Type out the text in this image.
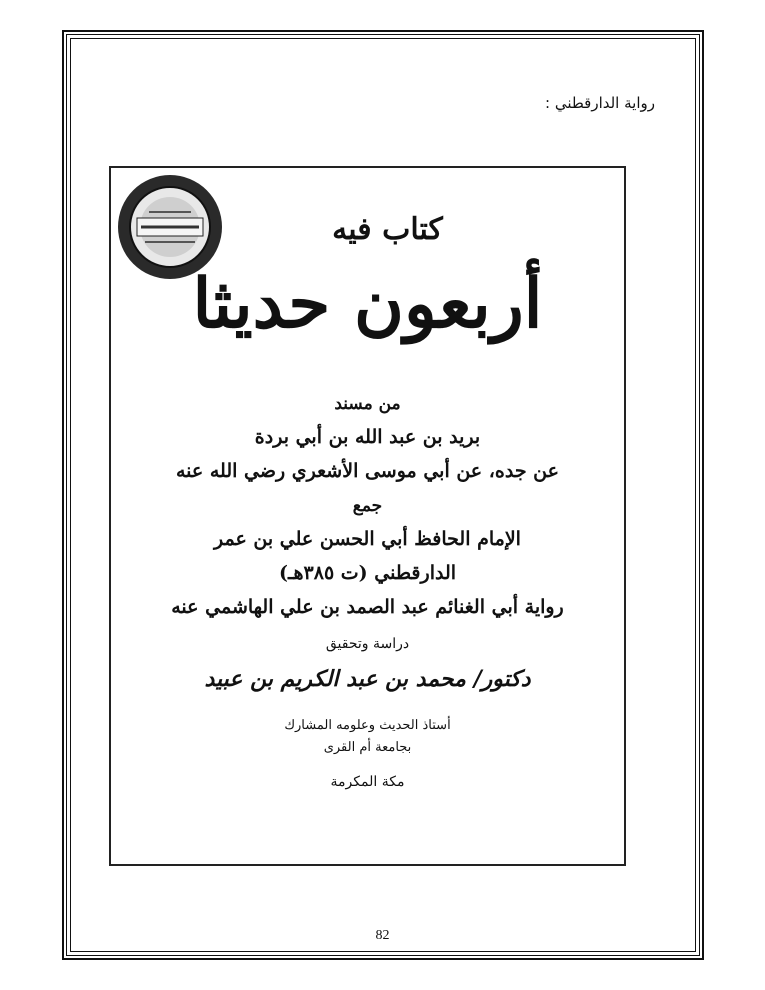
رواية الدارقطني :
كتاب فيه
أربعون حديثا
من مسند
بريد بن عبد الله بن أبي بردة
عن جده، عن أبي موسى الأشعري رضي الله عنه
جمع
الإمام الحافظ أبي الحسن علي بن عمر
الدارقطني (ت ٣٨٥هـ)
رواية أبي الغنائم عبد الصمد بن علي الهاشمي عنه
دراسة وتحقيق
دكتور/ محمد بن عبد الكريم بن عبيد
أستاذ الحديث وعلومه المشارك
بجامعة أم القرى
مكة المكرمة
82
